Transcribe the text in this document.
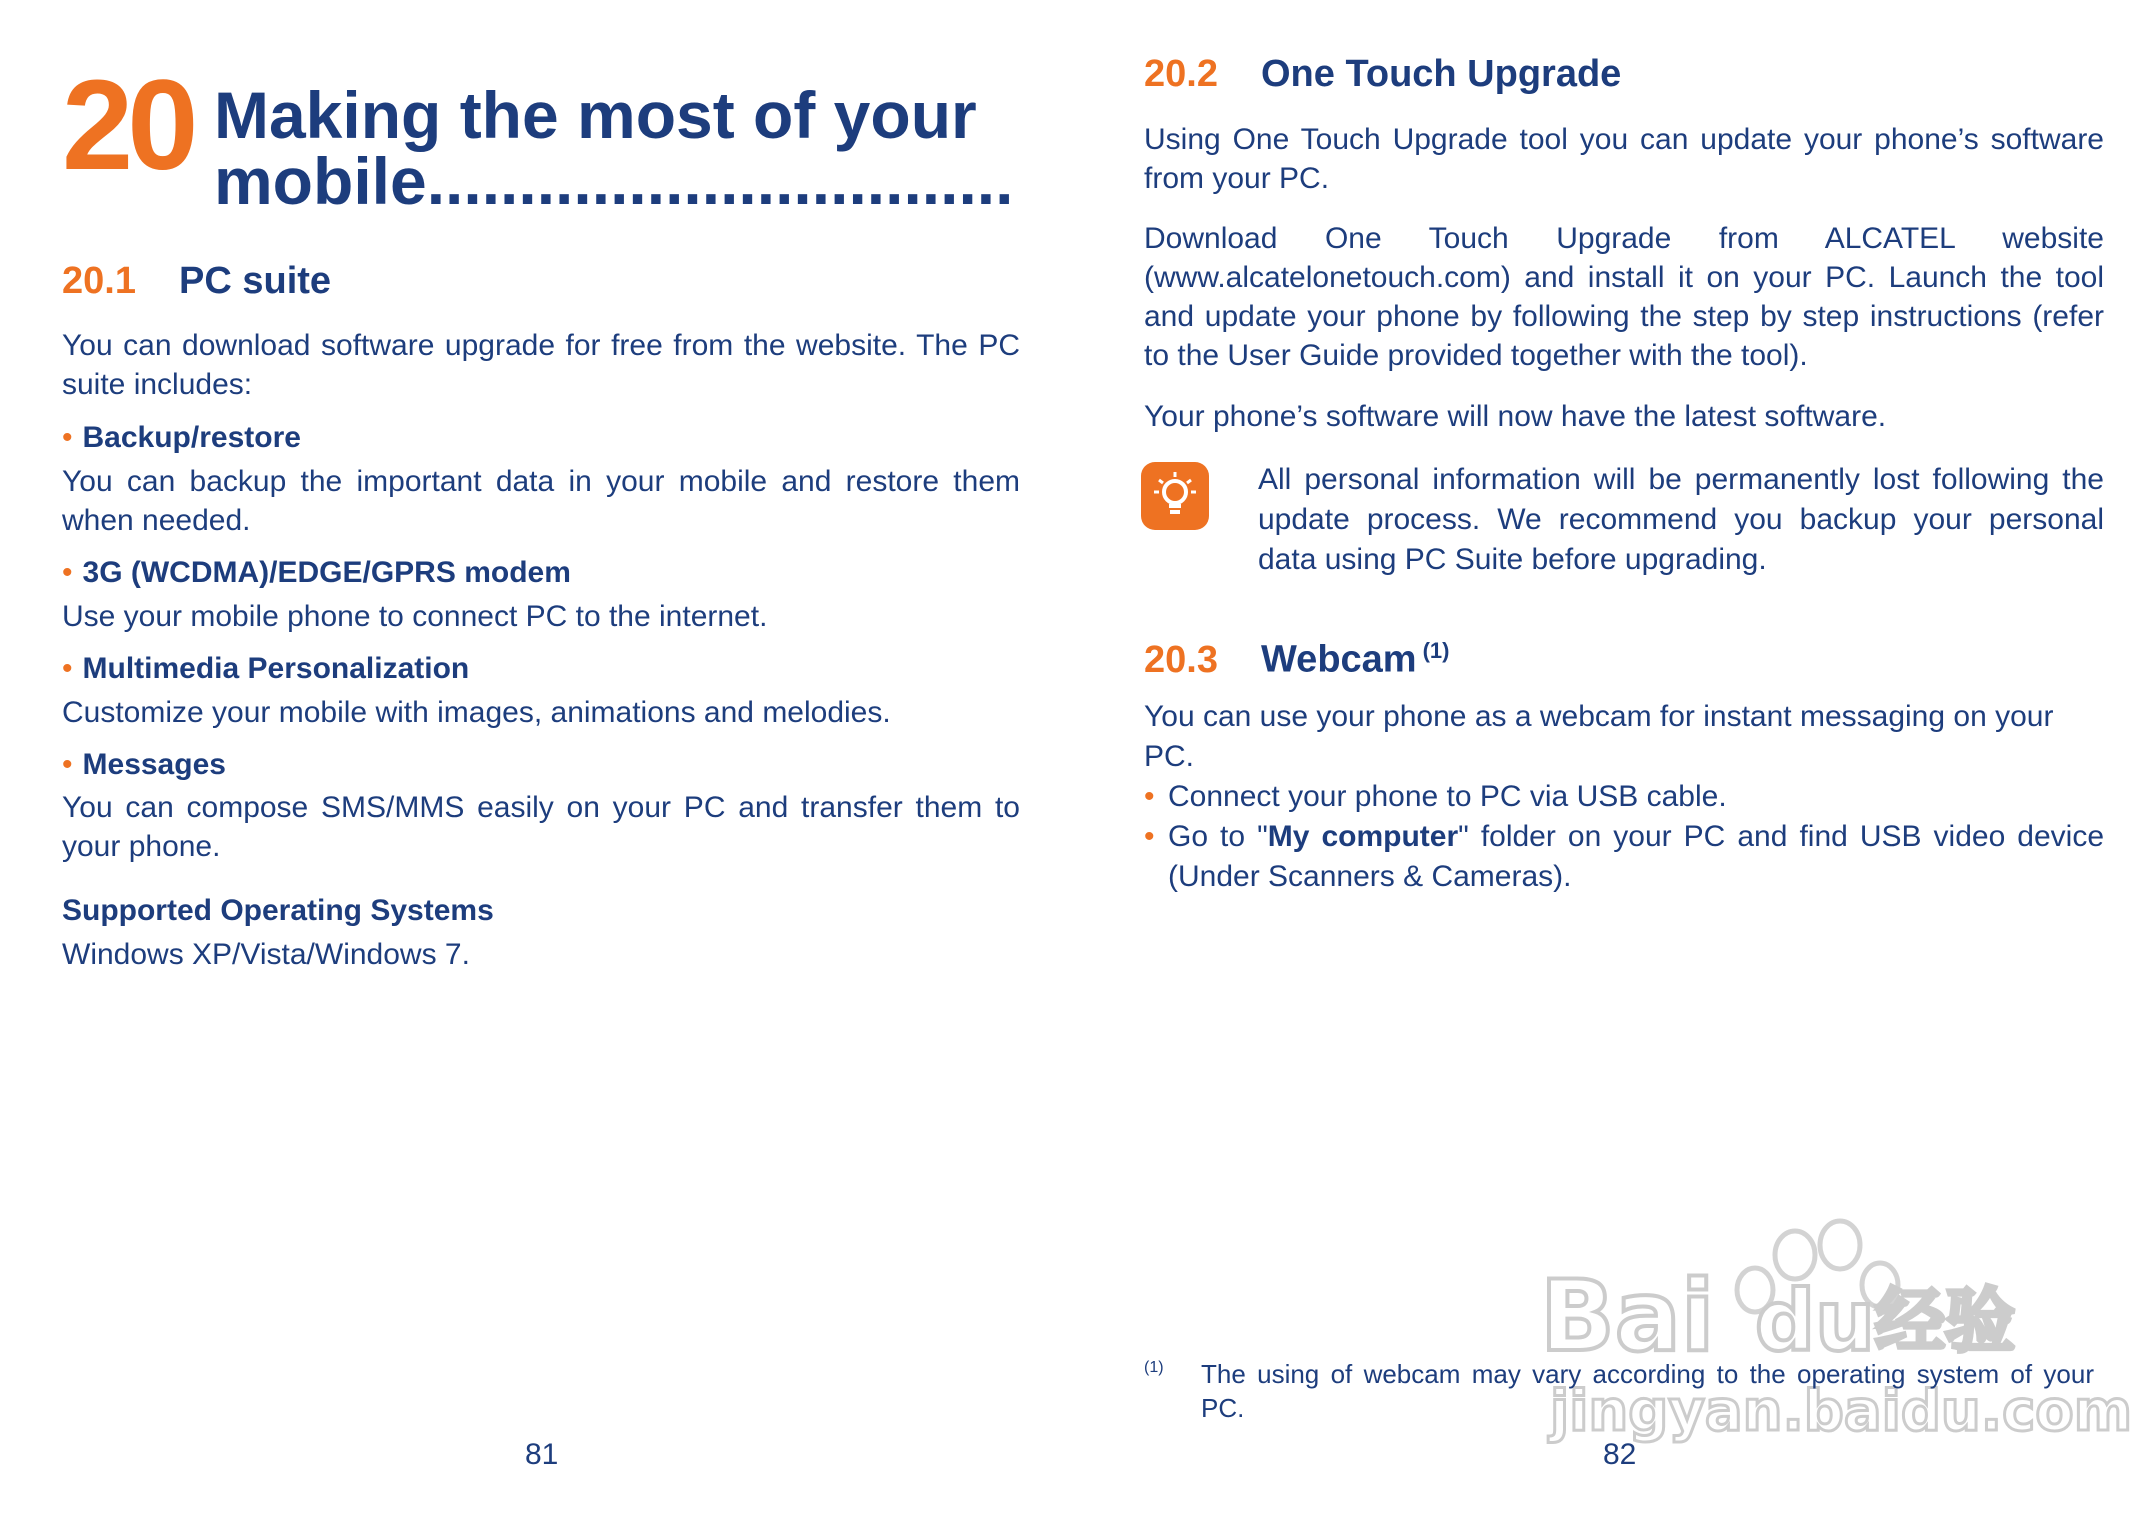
20 Making the most of your
mobile................................
20.1 PC suite
You can download software upgrade for free from the website. The PC suite includes:
• Backup/restore
You can backup the important data in your mobile and restore them when needed.
• 3G (WCDMA)/EDGE/GPRS modem
Use your mobile phone to connect PC to the internet.
• Multimedia Personalization
Customize your mobile with images, animations and melodies.
• Messages
You can compose SMS/MMS easily on your PC and transfer them to your phone.
Supported Operating Systems
Windows XP/Vista/Windows 7.
81
20.2 One Touch Upgrade
Using One Touch Upgrade tool you can update your phone’s software from your PC.
Download One Touch Upgrade from ALCATEL website (www.alcatelonetouch.com) and install it on your PC. Launch the tool and update your phone by following the step by step instructions (refer to the User Guide provided together with the tool).
Your phone’s software will now have the latest software.
All personal information will be permanently lost following the update process. We recommend you backup your personal data using PC Suite before upgrading.
20.3 Webcam $^{(1)}$
You can use your phone as a webcam for instant messaging on your PC.
• Connect your phone to PC via USB cable.
• Go to "My computer" folder on your PC and find USB video device (Under Scanners & Cameras).
Bai du 经验
jingyan.baidu.com
(1) The using of webcam may vary according to the operating system of your PC.
82
